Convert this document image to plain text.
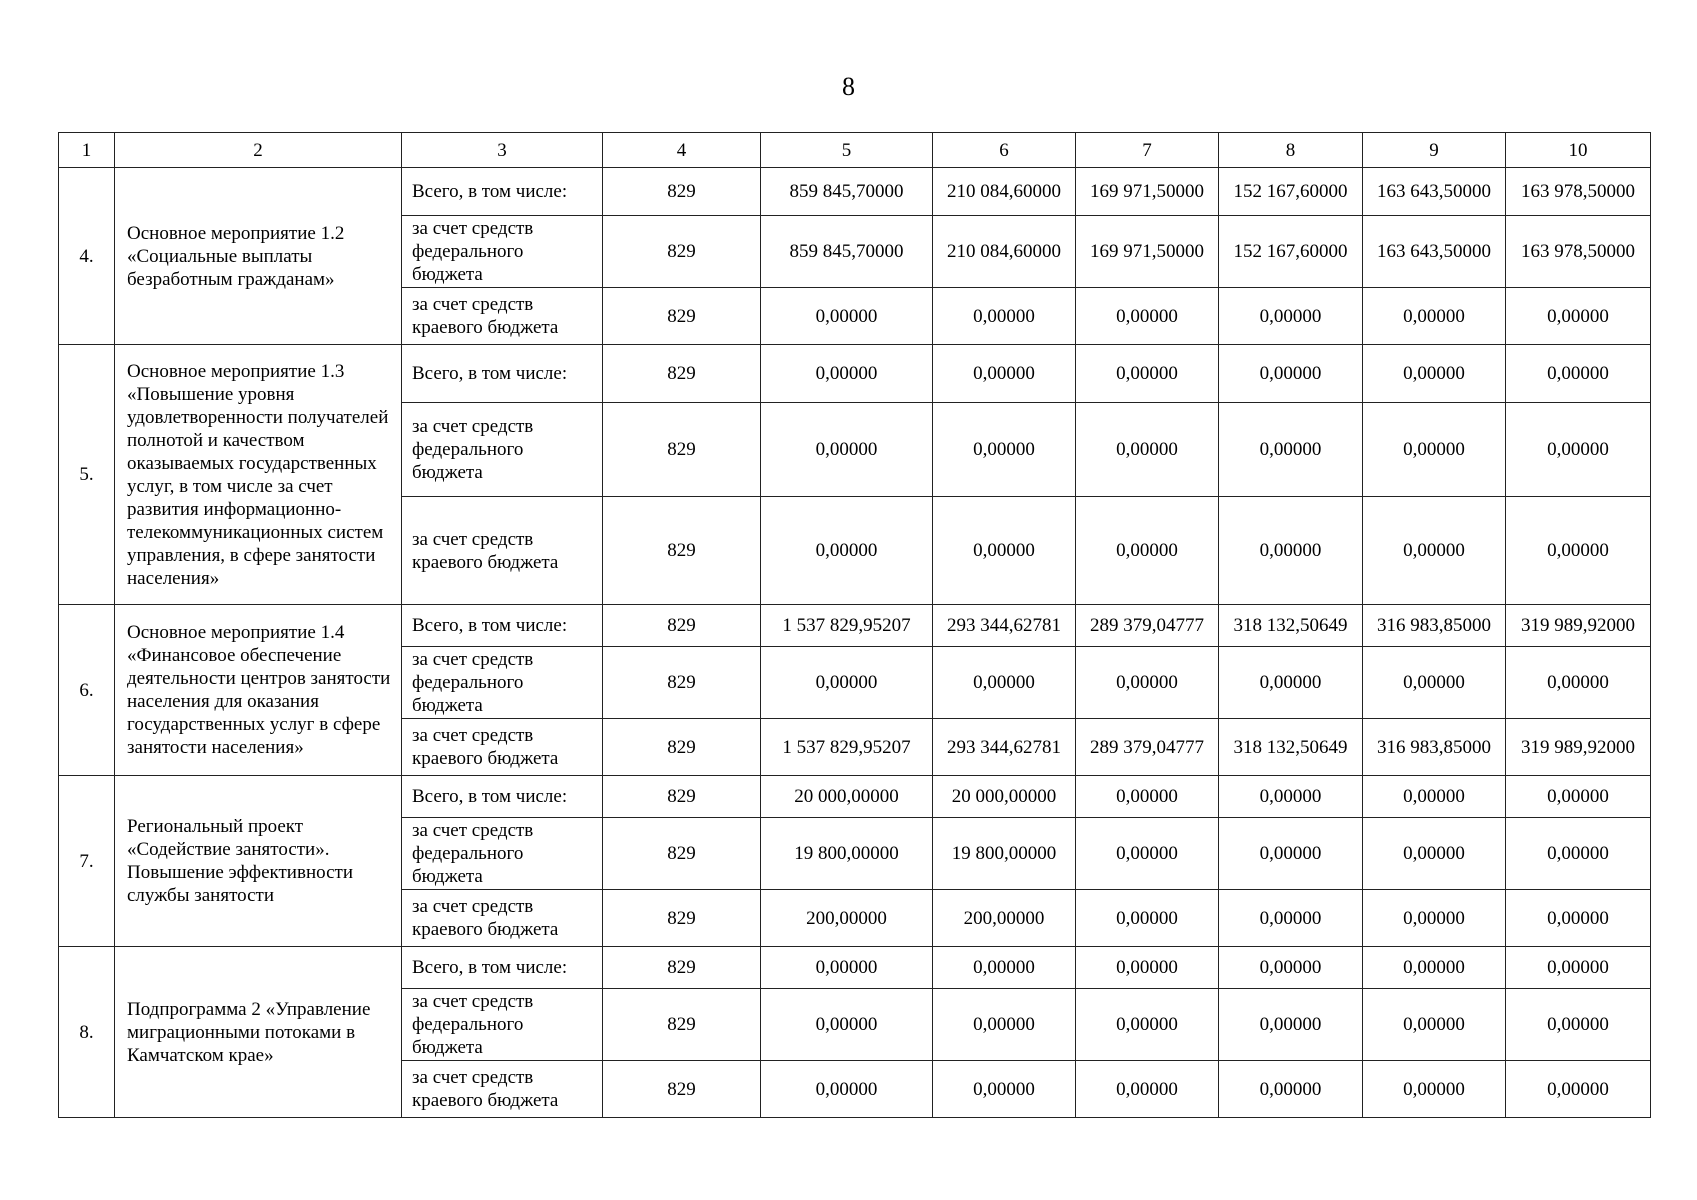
8
1	2	3	4	5	6	7	8	9	10
4.	Основное мероприятие 1.2 «Социальные выплаты безработным гражданам»	Всего, в том числе:	829	859 845,70000	210 084,60000	169 971,50000	152 167,60000	163 643,50000	163 978,50000
		за счет средств федерального бюджета	829	859 845,70000	210 084,60000	169 971,50000	152 167,60000	163 643,50000	163 978,50000
		за счет средств краевого бюджета	829	0,00000	0,00000	0,00000	0,00000	0,00000	0,00000
5.	Основное мероприятие 1.3 «Повышение уровня удовлетворенности получателей полнотой и качеством оказываемых государственных услуг, в том числе за счет развития информационно-телекоммуникационных систем управления, в сфере занятости населения»	Всего, в том числе:	829	0,00000	0,00000	0,00000	0,00000	0,00000	0,00000
		за счет средств федерального бюджета	829	0,00000	0,00000	0,00000	0,00000	0,00000	0,00000
		за счет средств краевого бюджета	829	0,00000	0,00000	0,00000	0,00000	0,00000	0,00000
6.	Основное мероприятие 1.4 «Финансовое обеспечение деятельности центров занятости населения для оказания государственных услуг в сфере занятости населения»	Всего, в том числе:	829	1 537 829,95207	293 344,62781	289 379,04777	318 132,50649	316 983,85000	319 989,92000
		за счет средств федерального бюджета	829	0,00000	0,00000	0,00000	0,00000	0,00000	0,00000
		за счет средств краевого бюджета	829	1 537 829,95207	293 344,62781	289 379,04777	318 132,50649	316 983,85000	319 989,92000
7.	Региональный проект «Содействие занятости». Повышение эффективности службы занятости	Всего, в том числе:	829	20 000,00000	20 000,00000	0,00000	0,00000	0,00000	0,00000
		за счет средств федерального бюджета	829	19 800,00000	19 800,00000	0,00000	0,00000	0,00000	0,00000
		за счет средств краевого бюджета	829	200,00000	200,00000	0,00000	0,00000	0,00000	0,00000
8.	Подпрограмма 2 «Управление миграционными потоками в Камчатском крае»	Всего, в том числе:	829	0,00000	0,00000	0,00000	0,00000	0,00000	0,00000
		за счет средств федерального бюджета	829	0,00000	0,00000	0,00000	0,00000	0,00000	0,00000
		за счет средств краевого бюджета	829	0,00000	0,00000	0,00000	0,00000	0,00000	0,00000
